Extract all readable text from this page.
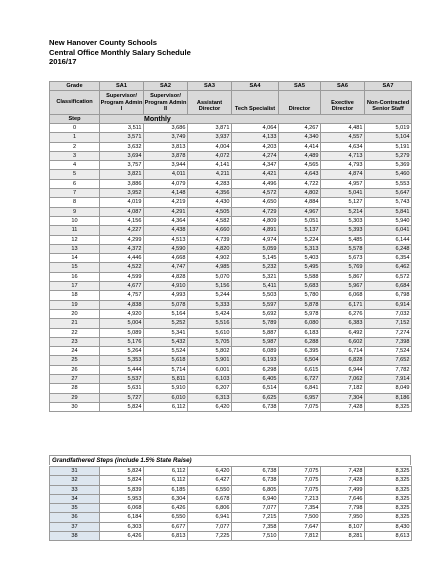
New Hanover County Schools
Central Office Monthly Salary Schedule
2016/17
Grade	SA1	SA2	SA3	SA4	SA5	SA6	SA7
Classification	Supervisor/ Program Admin I	Supervisor/ Program Admin II	Assistant Director	Tech Specialist	Director	Exective Director	Non-Contracted Senior Staff
Step	Monthly						
0	3,511	3,686	3,871	4,064	4,267	4,481	5,019
1	3,571	3,749	3,937	4,133	4,340	4,557	5,104
2	3,632	3,813	4,004	4,203	4,414	4,634	5,191
3	3,694	3,878	4,072	4,274	4,489	4,713	5,279
4	3,757	3,944	4,141	4,347	4,565	4,793	5,369
5	3,821	4,011	4,211	4,421	4,643	4,874	5,460
6	3,886	4,079	4,283	4,496	4,722	4,957	5,553
7	3,952	4,148	4,356	4,572	4,802	5,041	5,647
8	4,019	4,219	4,430	4,650	4,884	5,127	5,743
9	4,087	4,291	4,505	4,729	4,967	5,214	5,841
10	4,156	4,364	4,582	4,809	5,051	5,303	5,940
11	4,227	4,438	4,660	4,891	5,137	5,393	6,041
12	4,299	4,513	4,739	4,974	5,224	5,485	6,144
13	4,372	4,590	4,820	5,059	5,313	5,578	6,248
14	4,446	4,668	4,902	5,145	5,403	5,673	6,354
15	4,522	4,747	4,985	5,232	5,495	5,769	6,462
16	4,599	4,828	5,070	5,321	5,588	5,867	6,572
17	4,677	4,910	5,156	5,411	5,683	5,967	6,684
18	4,757	4,993	5,244	5,503	5,780	6,068	6,798
19	4,838	5,078	5,333	5,597	5,878	6,171	6,914
20	4,920	5,164	5,424	5,692	5,978	6,276	7,032
21	5,004	5,252	5,516	5,789	6,080	6,383	7,152
22	5,089	5,341	5,610	5,887	6,183	6,492	7,274
23	5,176	5,432	5,705	5,987	6,288	6,602	7,398
24	5,264	5,524	5,802	6,089	6,395	6,714	7,524
25	5,353	5,618	5,901	6,193	6,504	6,828	7,652
26	5,444	5,714	6,001	6,298	6,615	6,944	7,782
27	5,537	5,811	6,103	6,405	6,727	7,062	7,914
28	5,631	5,910	6,207	6,514	6,841	7,182	8,049
29	5,727	6,010	6,313	6,625	6,957	7,304	8,186
30	5,824	6,112	6,420	6,738	7,075	7,428	8,325
Grandfathered Steps (include 1.5% State Raise)
31	5,824	6,112	6,420	6,738	7,075	7,428	8,325
32	5,824	6,112	6,427	6,738	7,075	7,428	8,325
33	5,839	6,185	6,550	6,805	7,075	7,499	8,325
34	5,953	6,304	6,678	6,940	7,213	7,646	8,325
35	6,068	6,426	6,806	7,077	7,354	7,798	8,325
36	6,184	6,550	6,941	7,215	7,500	7,950	8,325
37	6,303	6,677	7,077	7,358	7,647	8,107	8,430
38	6,426	6,813	7,225	7,510	7,812	8,281	8,613
